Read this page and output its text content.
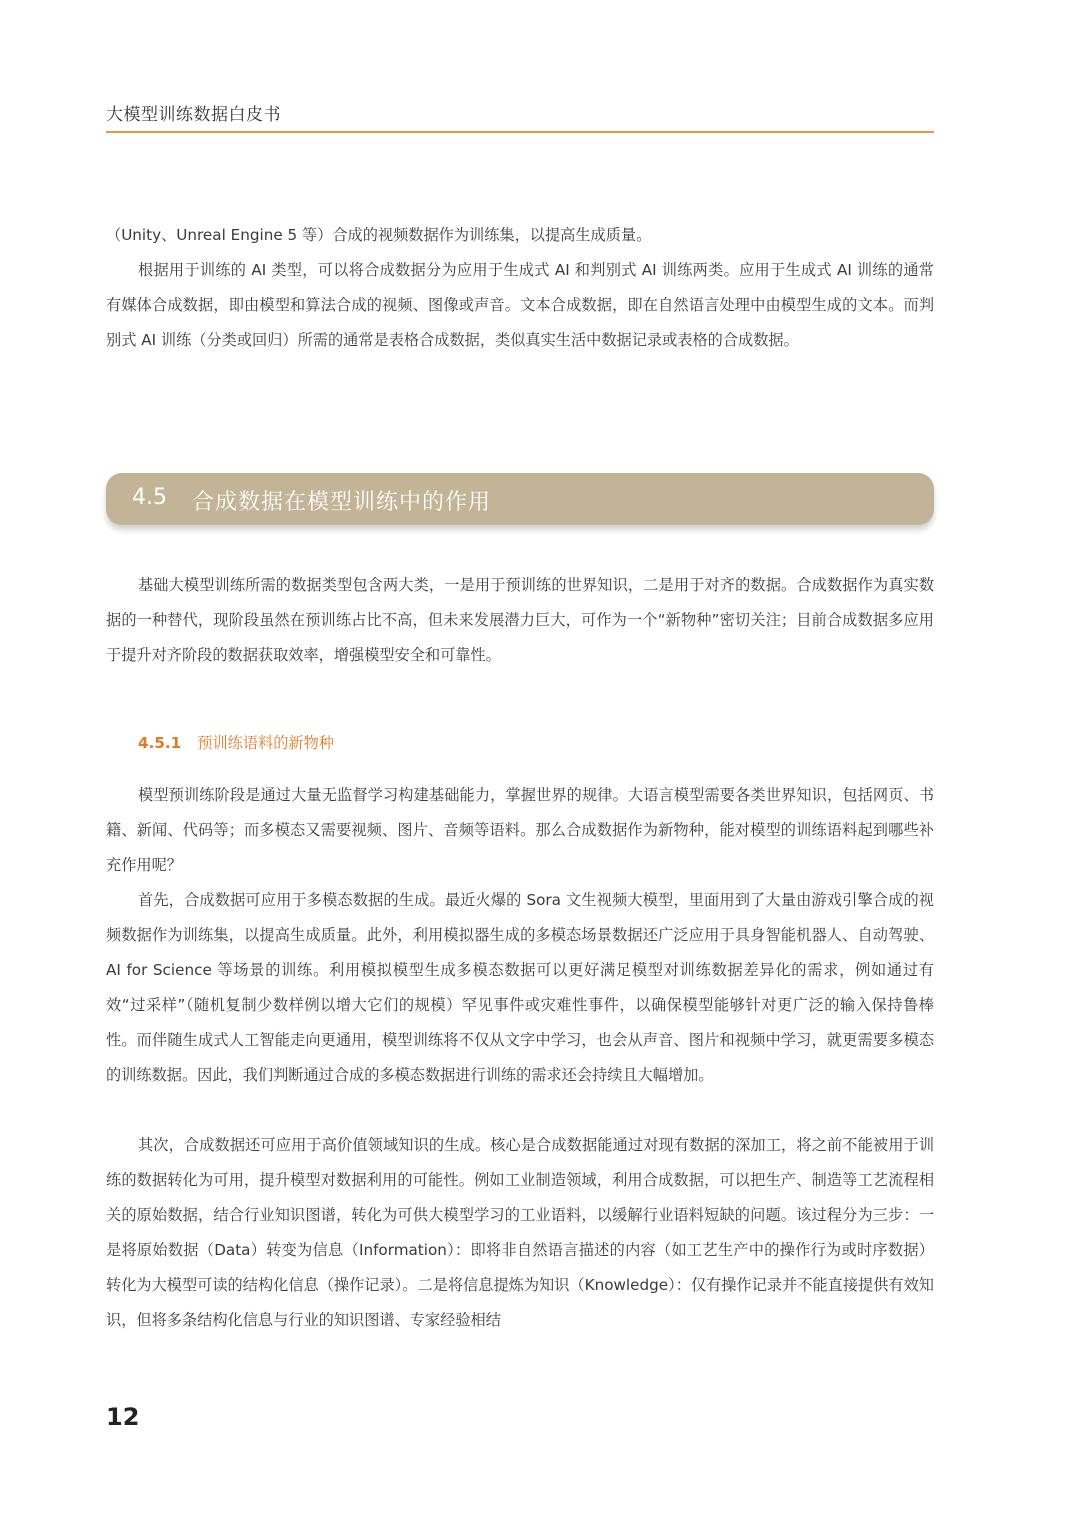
大模型训练数据白皮书

（Unity、Unreal Engine 5 等）合成的视频数据作为训练集，以提高生成质量。

根据用于训练的 AI 类型，可以将合成数据分为应用于生成式 AI 和判别式 AI 训练两类。应用于生成式 AI 训练的通常有媒体合成数据，即由模型和算法合成的视频、图像或声音。文本合成数据，即在自然语言处理中由模型生成的文本。而判别式 AI 训练（分类或回归）所需的通常是表格合成数据，类似真实生活中数据记录或表格的合成数据。

4.5 合成数据在模型训练中的作用

基础大模型训练所需的数据类型包含两大类，一是用于预训练的世界知识，二是用于对齐的数据。合成数据作为真实数据的一种替代，现阶段虽然在预训练占比不高，但未来发展潜力巨大，可作为一个“新物种”密切关注；目前合成数据多应用于提升对齐阶段的数据获取效率，增强模型安全和可靠性。

4.5.1 预训练语料的新物种

模型预训练阶段是通过大量无监督学习构建基础能力，掌握世界的规律。大语言模型需要各类世界知识，包括网页、书籍、新闻、代码等；而多模态又需要视频、图片、音频等语料。那么合成数据作为新物种，能对模型的训练语料起到哪些补充作用呢？

首先，合成数据可应用于多模态数据的生成。最近火爆的 Sora 文生视频大模型，里面用到了大量由游戏引擎合成的视频数据作为训练集，以提高生成质量。此外，利用模拟器生成的多模态场景数据还广泛应用于具身智能机器人、自动驾驶、AI for Science 等场景的训练。利用模拟模型生成多模态数据可以更好满足模型对训练数据差异化的需求，例如通过有效“过采样”（随机复制少数样例以增大它们的规模）罕见事件或灾难性事件，以确保模型能够针对更广泛的输入保持鲁棒性。而伴随生成式人工智能走向更通用，模型训练将不仅从文字中学习，也会从声音、图片和视频中学习，就更需要多模态的训练数据。因此，我们判断通过合成的多模态数据进行训练的需求还会持续且大幅增加。

其次，合成数据还可应用于高价值领域知识的生成。核心是合成数据能通过对现有数据的深加工，将之前不能被用于训练的数据转化为可用，提升模型对数据利用的可能性。例如工业制造领域，利用合成数据，可以把生产、制造等工艺流程相关的原始数据，结合行业知识图谱，转化为可供大模型学习的工业语料，以缓解行业语料短缺的问题。该过程分为三步：一是将原始数据（Data）转变为信息（Information）：即将非自然语言描述的内容（如工艺生产中的操作行为或时序数据）转化为大模型可读的结构化信息（操作记录）。二是将信息提炼为知识（Knowledge）：仅有操作记录并不能直接提供有效知识，但将多条结构化信息与行业的知识图谱、专家经验相结

12
